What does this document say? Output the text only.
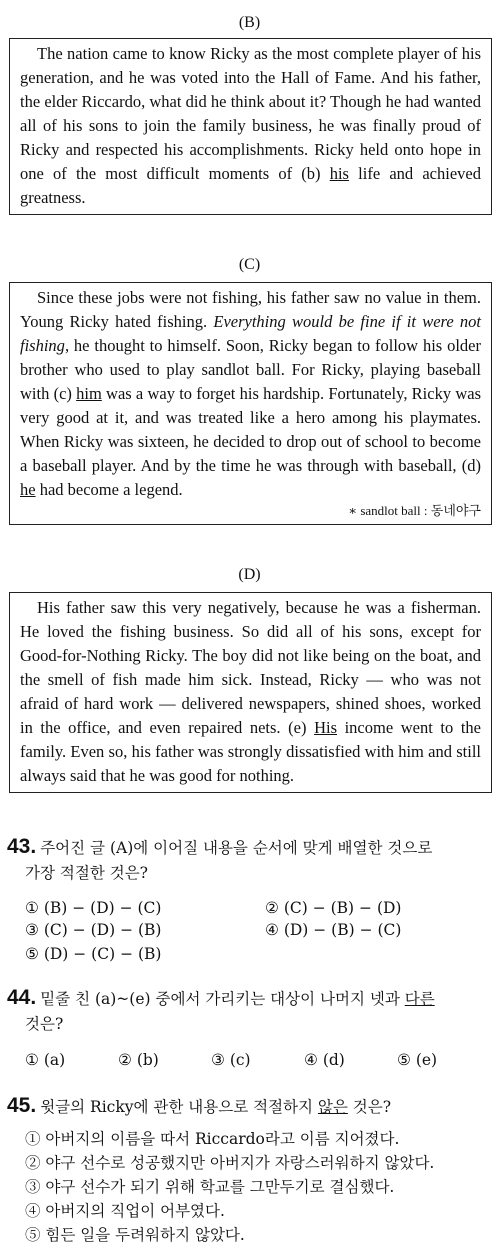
(B)

The nation came to know Ricky as the most complete player of his generation, and he was voted into the Hall of Fame. And his father, the elder Riccardo, what did he think about it? Though he had wanted all of his sons to join the family business, he was finally proud of Ricky and respected his accomplishments. Ricky held onto hope in one of the most difficult moments of (b) his life and achieved greatness.

(C)

Since these jobs were not fishing, his father saw no value in them. Young Ricky hated fishing. Everything would be fine if it were not fishing, he thought to himself. Soon, Ricky began to follow his older brother who used to play sandlot ball. For Ricky, playing baseball with (c) him was a way to forget his hardship. Fortunately, Ricky was very good at it, and was treated like a hero among his playmates. When Ricky was sixteen, he decided to drop out of school to become a baseball player. And by the time he was through with baseball, (d) he had become a legend.

∗ sandlot ball : 동네야구
(D)

His father saw this very negatively, because he was a fisherman. He loved the fishing business. So did all of his sons, except for Good-for-Nothing Ricky. The boy did not like being on the boat, and the smell of fish made him sick. Instead, Ricky ― who was not afraid of hard work ― delivered newspapers, shined shoes, worked in the office, and even repaired nets. (e) His income went to the family. Even so, his father was strongly dissatisfied with him and still always said that he was good for nothing.

43. 주어진 글 (A)에 이어질 내용을 순서에 맞게 배열한 것으로
가장 적절한 것은?
① (B) − (D) − (C)	② (C) − (B) − (D)
③ (C) − (D) − (B)	④ (D) − (B) − (C)
⑤ (D) − (C) − (B)
44. 밑줄 친 (a)~(e) 중에서 가리키는 대상이 나머지 넷과 다른
것은?
① (a)	② (b)	③ (c)	④ (d)	⑤ (e)
45. 윗글의 Ricky에 관한 내용으로 적절하지 않은 것은?
① 아버지의 이름을 따서 Riccardo라고 이름 지어졌다.
② 야구 선수로 성공했지만 아버지가 자랑스러워하지 않았다.
③ 야구 선수가 되기 위해 학교를 그만두기로 결심했다.
④ 아버지의 직업이 어부였다.
⑤ 힘든 일을 두려워하지 않았다.
